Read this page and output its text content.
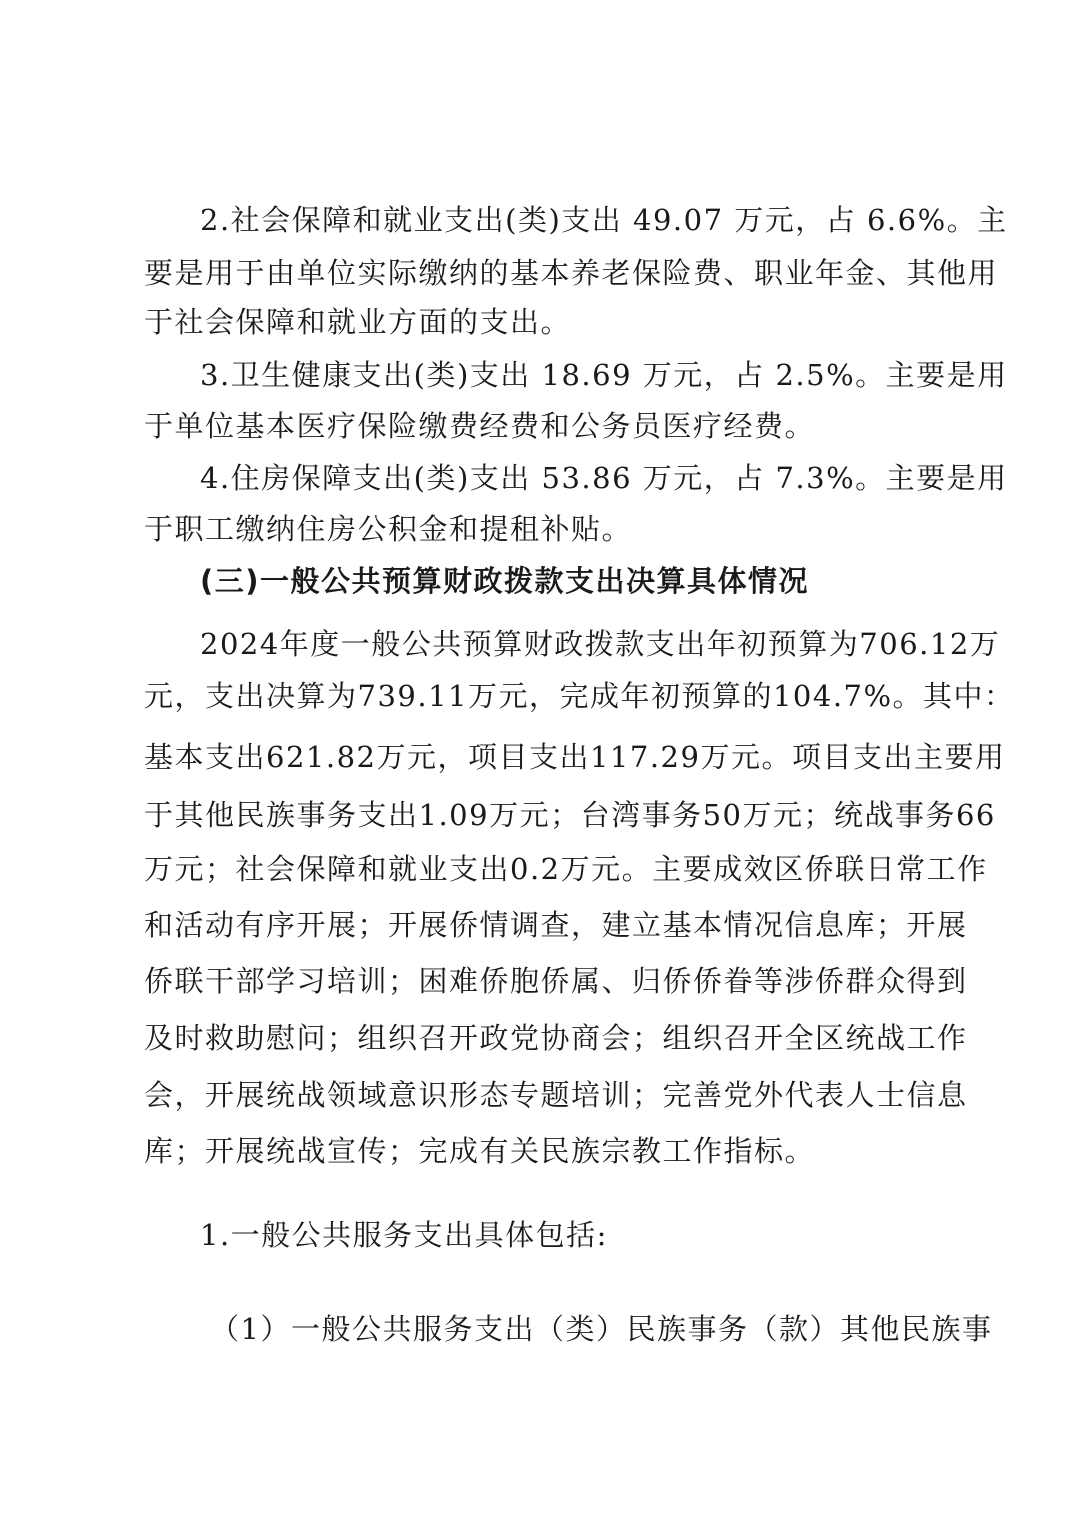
2.社会保障和就业支出(类)支出 49.07 万元，占 6.6%。主
要是用于由单位实际缴纳的基本养老保险费、职业年金、其他用
于社会保障和就业方面的支出。
3.卫生健康支出(类)支出 18.69 万元，占 2.5%。主要是用
于单位基本医疗保险缴费经费和公务员医疗经费。
4.住房保障支出(类)支出 53.86 万元，占 7.3%。主要是用
于职工缴纳住房公积金和提租补贴。
(三)一般公共预算财政拨款支出决算具体情况
2024年度一般公共预算财政拨款支出年初预算为706.12万
元，支出决算为739.11万元，完成年初预算的104.7%。其中：
基本支出621.82万元，项目支出117.29万元。项目支出主要用
于其他民族事务支出1.09万元；台湾事务50万元；统战事务66
万元；社会保障和就业支出0.2万元。主要成效区侨联日常工作
和活动有序开展；开展侨情调查，建立基本情况信息库；开展
侨联干部学习培训；困难侨胞侨属、归侨侨眷等涉侨群众得到
及时救助慰问；组织召开政党协商会；组织召开全区统战工作
会，开展统战领域意识形态专题培训；完善党外代表人士信息
库；开展统战宣传；完成有关民族宗教工作指标。
1.一般公共服务支出具体包括:
（1）一般公共服务支出（类）民族事务（款）其他民族事
